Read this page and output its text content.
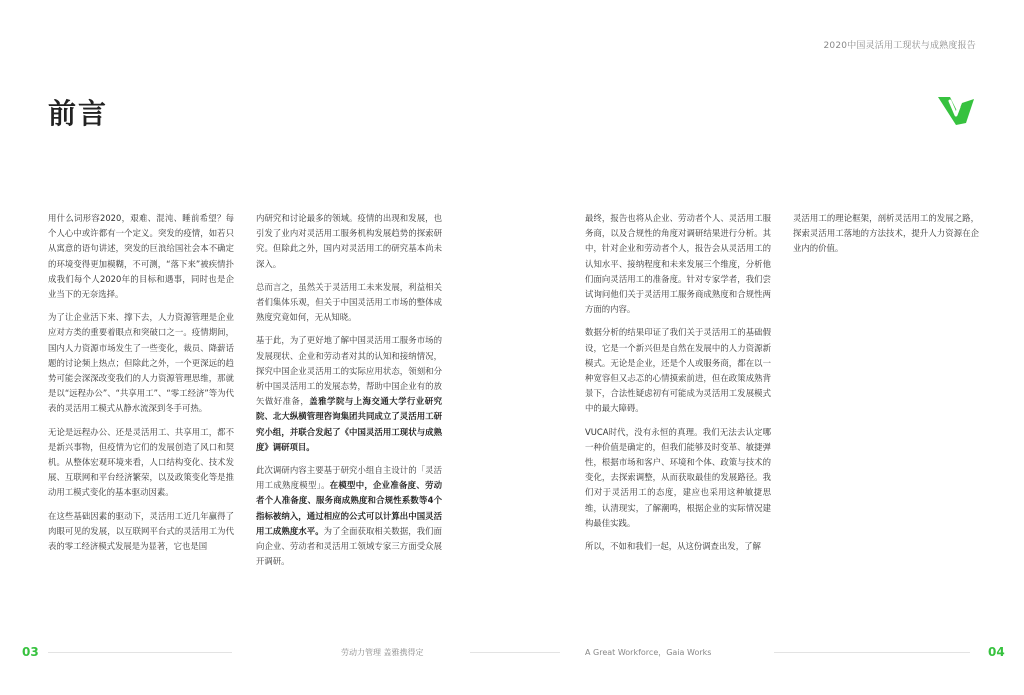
2020中国灵活用工现状与成熟度报告
前言

用什么词形容2020，艰难、混沌、睡前希望？每个人心中或许都有一个定义。突发的疫情，如若只从寓意的语句讲述，突发的巨浪给国社会本不确定的环境变得更加模糊，不可测，“落下来”被疾情扑成我们每个人2020年的目标和遇事，同时也是企业当下的无奈选择。

为了让企业活下来、撑下去，人力资源管理是企业应对方类的重要着眼点和突破口之一。疫情期间，国内人力资源市场发生了一些变化，裁员、降薪话题的讨论频上热点；但除此之外，一个更深远的趋势可能会深深改变我们的人力资源管理思维，那就是以“远程办公”、“共享用工”、“零工经济”等为代表的灵活用工模式从静水流深到冬手可热。

无论是远程办公、还是灵活用工、共享用工，都不是新兴事物，但疫情为它们的发展创造了风口和契机。从整体宏观环境来看，人口结构变化、技术发展、互联网和平台经济繁荣，以及政策变化等是推动用工模式变化的基本驱动因素。

在这些基础因素的驱动下，灵活用工近几年赢得了肉眼可见的发展，以互联网平台式的灵活用工为代表的零工经济模式发展是为显著，它也是国

内研究和讨论最多的领域。疫情的出现和发展，也引发了业内对灵活用工服务机构发展趋势的探索研究。但除此之外，国内对灵活用工的研究基本尚未深入。

总而言之，虽然关于灵活用工未来发展，利益相关者们集体乐观，但关于中国灵活用工市场的整体成熟度究竟如何，无从知晓。

基于此，为了更好地了解中国灵活用工服务市场的发展现状、企业和劳动者对其的认知和接纳情况，探究中国企业灵活用工的实际应用状态，领刻和分析中国灵活用工的发展态势，帮助中国企业有的放矢做好准备，盖雅学院与上海交通大学行业研究院、北大纵横管理咨询集团共同成立了灵活用工研究小组，并联合发起了《中国灵活用工现状与成熟度》调研项目。

此次调研内容主要基于研究小组自主设计的「灵活用工成熟度模型」。在模型中，企业准备度、劳动者个人准备度、服务商成熟度和合规性系数等4个指标被纳入，通过相应的公式可以计算出中国灵活用工成熟度水平。为了全面获取相关数据，我们面向企业、劳动者和灵活用工领域专家三方面受众展开调研。

最终，报告也将从企业、劳动者个人、灵活用工服务商，以及合规性的角度对调研结果进行分析。其中，针对企业和劳动者个人，报告会从灵活用工的认知水平、接纳程度和未来发展三个维度，分析他们面向灵活用工的准备度。针对专家学者，我们尝试询问他们关于灵活用工服务商成熟度和合规性两方面的内容。

数据分析的结果印证了我们关于灵活用工的基础假设，它是一个新兴但是自然在发展中的人力资源新模式。无论是企业，还是个人或服务商，都在以一种宽容但又忐忑的心情摸索前进，但在政策成熟背景下，合法性疑虑初有可能成为灵活用工发展模式中的最大障碍。

VUCA时代，没有永恒的真理。我们无法去认定哪一种价值是确定的，但我们能够及时变革、敏捷弹性，根据市场和客户、环境和个体、政策与技术的变化，去探索调整，从而获取最佳的发展路径。我们对于灵活用工的态度，建应也采用这种敏捷思维，认清现实，了解潮鸣，根据企业的实际情况建构最佳实践。

所以，不如和我们一起，从这份调查出发，了解

灵活用工的理论框架，剖析灵活用工的发展之路，探索灵活用工落地的方法技术，提升人力资源在企业内的价值。

03	劳动力管理 盖雅携得定	A Great Workforce，Gaia Works	04
